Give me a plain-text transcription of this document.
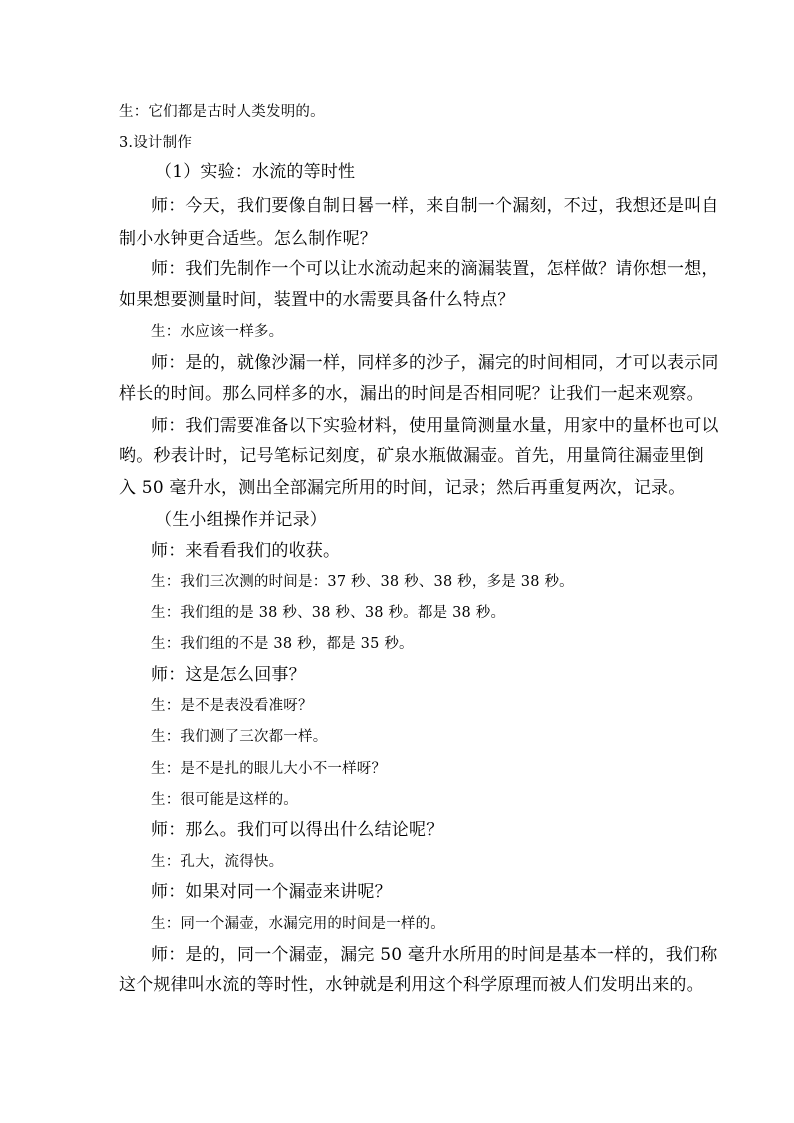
生：它们都是古时人类发明的。
3.设计制作
（1）实验：水流的等时性
师：今天，我们要像自制日晷一样，来自制一个漏刻，不过，我想还是叫自
制小水钟更合适些。怎么制作呢？
师：我们先制作一个可以让水流动起来的滴漏装置，怎样做？请你想一想，
如果想要测量时间，装置中的水需要具备什么特点？
生：水应该一样多。
师：是的，就像沙漏一样，同样多的沙子，漏完的时间相同，才可以表示同
样长的时间。那么同样多的水，漏出的时间是否相同呢？让我们一起来观察。
师：我们需要准备以下实验材料，使用量筒测量水量，用家中的量杯也可以
哟。秒表计时，记号笔标记刻度，矿泉水瓶做漏壶。首先，用量筒往漏壶里倒
入 50 毫升水，测出全部漏完所用的时间，记录；然后再重复两次，记录。
（生小组操作并记录）
师：来看看我们的收获。
生：我们三次测的时间是：37 秒、38 秒、38 秒，多是 38 秒。
生：我们组的是 38 秒、38 秒、38 秒。都是 38 秒。
生：我们组的不是 38 秒，都是 35 秒。
师：这是怎么回事？
生：是不是表没看准呀？
生：我们测了三次都一样。
生：是不是扎的眼儿大小不一样呀？
生：很可能是这样的。
师：那么。我们可以得出什么结论呢？
生：孔大，流得快。
师：如果对同一个漏壶来讲呢？
生：同一个漏壶，水漏完用的时间是一样的。
师：是的，同一个漏壶，漏完 50 毫升水所用的时间是基本一样的，我们称
这个规律叫水流的等时性，水钟就是利用这个科学原理而被人们发明出来的。
